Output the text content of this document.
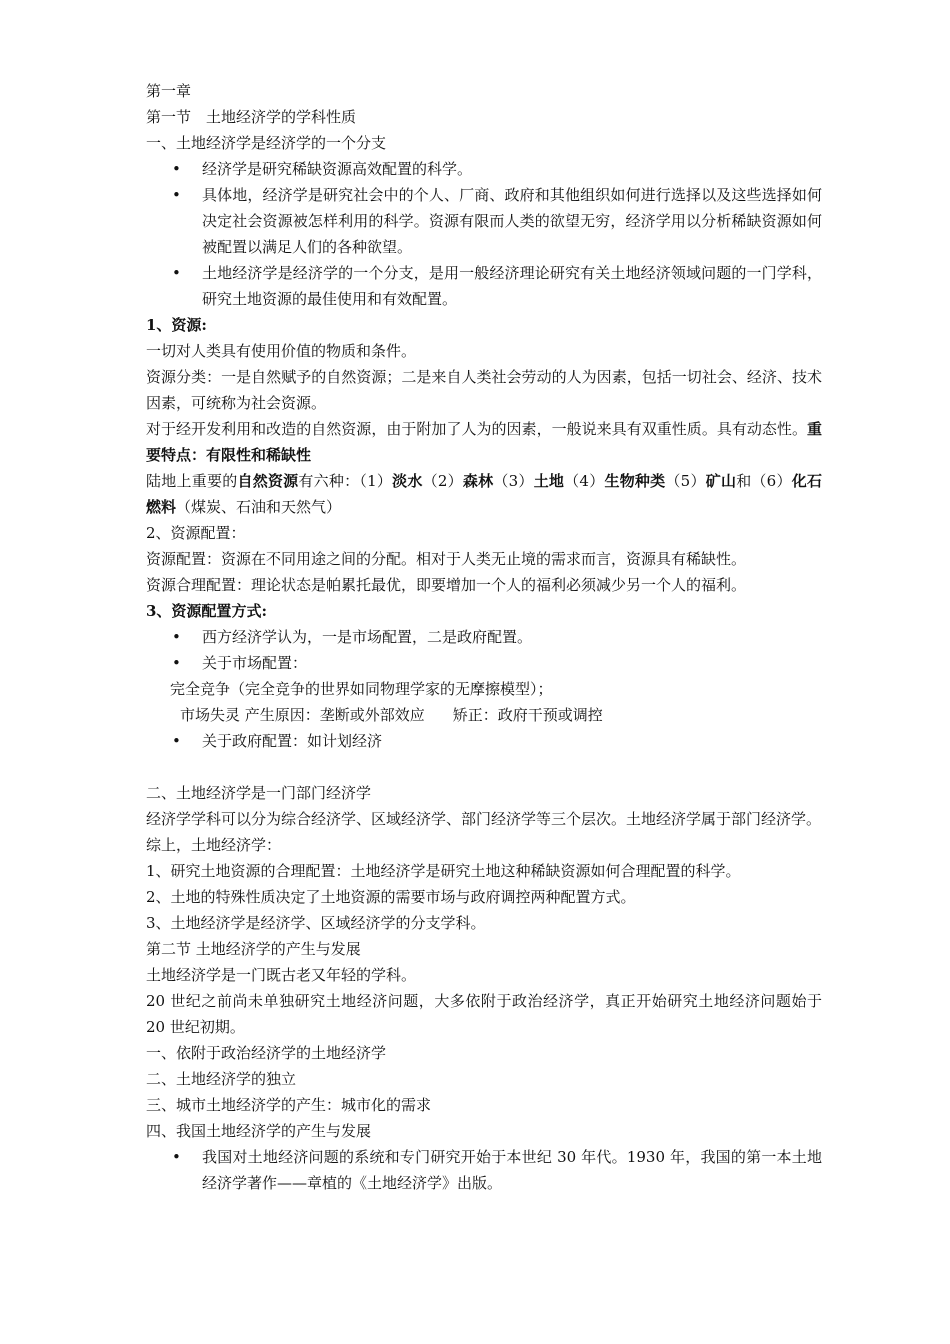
第一章
第一节　土地经济学的学科性质
一、土地经济学是经济学的一个分支
• 经济学是研究稀缺资源高效配置的科学。
• 具体地，经济学是研究社会中的个人、厂商、政府和其他组织如何进行选择以及这些选择如何决定社会资源被怎样利用的科学。资源有限而人类的欲望无穷，经济学用以分析稀缺资源如何被配置以满足人们的各种欲望。
• 土地经济学是经济学的一个分支，是用一般经济理论研究有关土地经济领域问题的一门学科，研究土地资源的最佳使用和有效配置。
1、资源:
一切对人类具有使用价值的物质和条件。
资源分类：一是自然赋予的自然资源；二是来自人类社会劳动的人为因素，包括一切社会、经济、技术因素，可统称为社会资源。
对于经开发利用和改造的自然资源，由于附加了人为的因素，一般说来具有双重性质。具有动态性。重要特点：有限性和稀缺性
陆地上重要的自然资源有六种：（1）淡水（2）森林（3）土地（4）生物种类（5）矿山和（6）化石燃料（煤炭、石油和天然气）
2、资源配置：
资源配置：资源在不同用途之间的分配。相对于人类无止境的需求而言，资源具有稀缺性。
资源合理配置：理论状态是帕累托最优，即要增加一个人的福利必须减少另一个人的福利。
3、资源配置方式:
• 西方经济学认为，一是市场配置，二是政府配置。
• 关于市场配置：
完全竞争（完全竞争的世界如同物理学家的无摩擦模型）；
市场失灵 产生原因：垄断或外部效应 矫正：政府干预或调控
• 关于政府配置：如计划经济
二、土地经济学是一门部门经济学
经济学学科可以分为综合经济学、区域经济学、部门经济学等三个层次。土地经济学属于部门经济学。
综上，土地经济学：
1、研究土地资源的合理配置：土地经济学是研究土地这种稀缺资源如何合理配置的科学。
2、土地的特殊性质决定了土地资源的需要市场与政府调控两种配置方式。
3、土地经济学是经济学、区域经济学的分支学科。
第二节 土地经济学的产生与发展
土地经济学是一门既古老又年轻的学科。
20 世纪之前尚未单独研究土地经济问题，大多依附于政治经济学，真正开始研究土地经济问题始于 20 世纪初期。
一、依附于政治经济学的土地经济学
二、土地经济学的独立
三、城市土地经济学的产生：城市化的需求
四、我国土地经济学的产生与发展
• 我国对土地经济问题的系统和专门研究开始于本世纪 30 年代。1930 年，我国的第一本土地经济学著作——章植的《土地经济学》出版。
